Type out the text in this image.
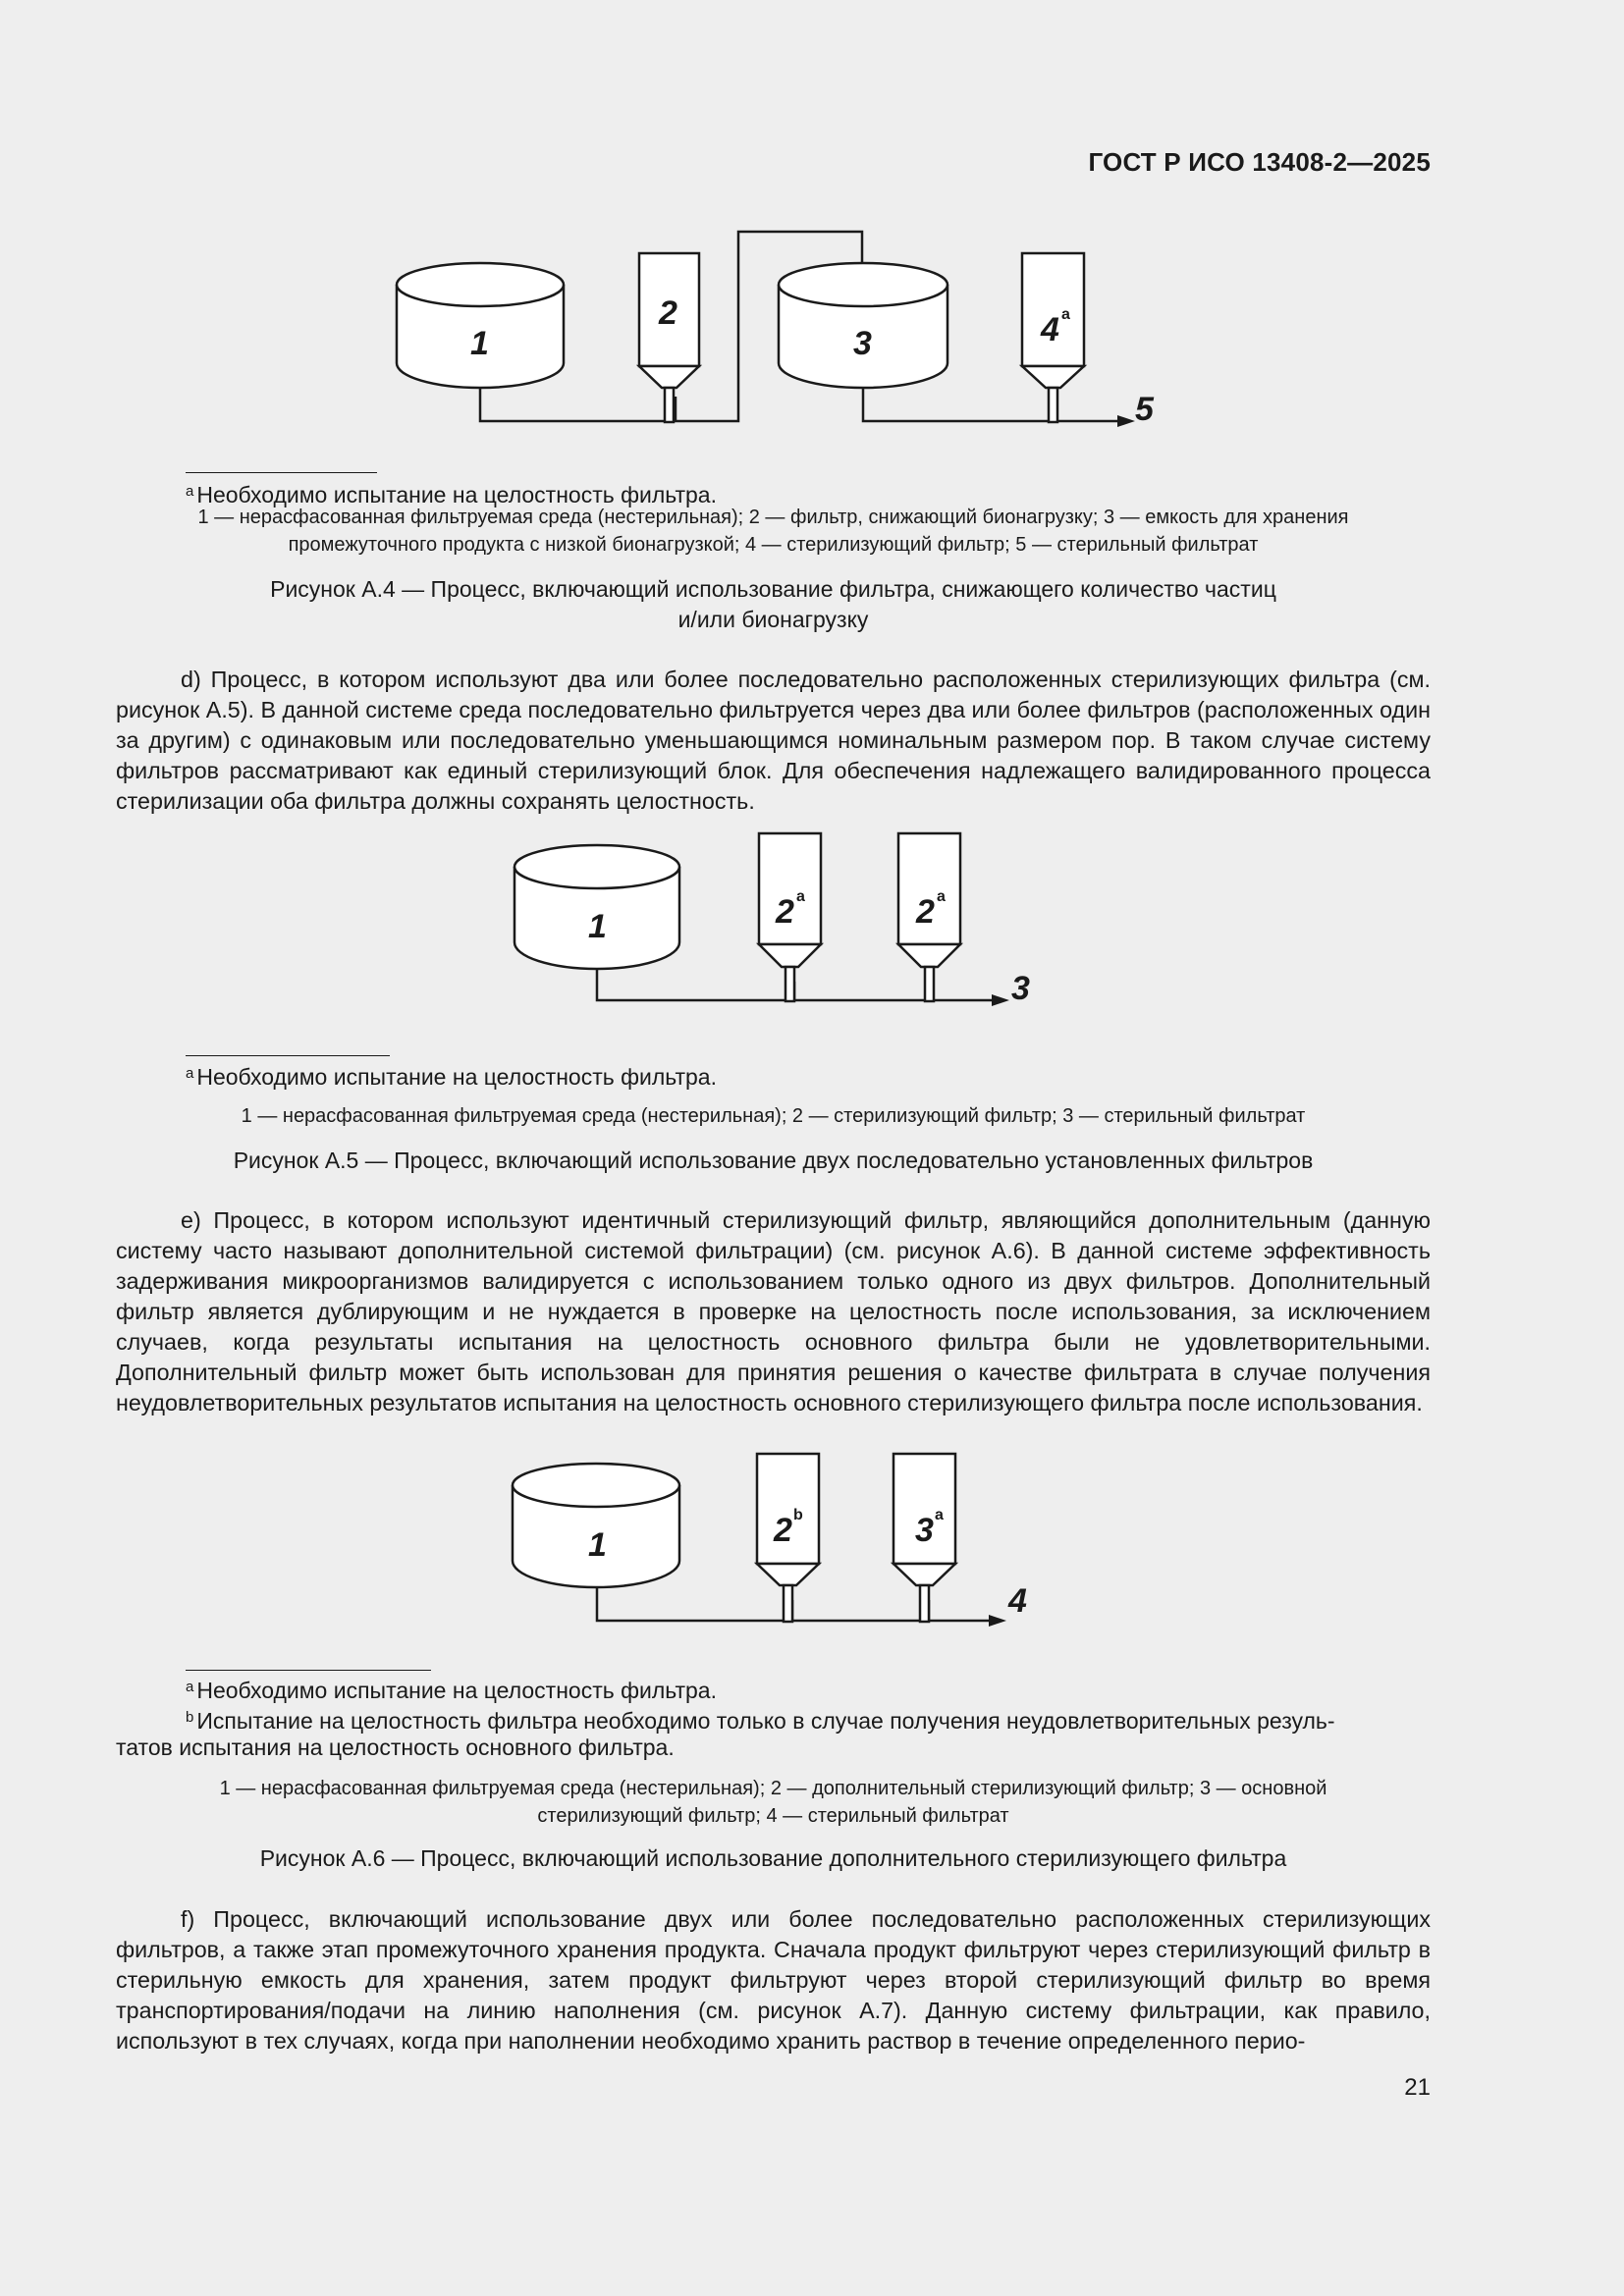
ГОСТ Р ИСО 13408-2—2025
1
2
3	4 a
5
$^a$ Необходимо испытание на целостность фильтра.
1 — нерасфасованная фильтруемая среда (нестерильная); 2 — фильтр, снижающий бионагрузку; 3 — емкость для хранения
промежуточного продукта с низкой бионагрузкой; 4 — стерилизующий фильтр; 5 — стерильный фильтрат
Рисунок А.4 — Процесс, включающий использование фильтра, снижающего количество частиц
и/или бионагрузку

d) Процесс, в котором используют два или более последовательно расположенных стерилизующих фильтра (см. рисунок А.5). В данной системе среда последовательно фильтруется через два или более фильтров (расположенных один за другим) с одинаковым или последовательно уменьшающимся номинальным размером пор. В таком случае систему фильтров рассматривают как единый стерилизующий блок. Для обеспечения надлежащего валидированного процесса стерилизации оба фильтра должны сохранять целостность.

1	2 a	2 a
3
$^a$ Необходимо испытание на целостность фильтра.
1 — нерасфасованная фильтруемая среда (нестерильная); 2 — стерилизующий фильтр; 3 — стерильный фильтрат
Рисунок А.5 — Процесс, включающий использование двух последовательно установленных фильтров

e) Процесс, в котором используют идентичный стерилизующий фильтр, являющийся дополнительным (данную систему часто называют дополнительной системой фильтрации) (см. рисунок А.6). В данной системе эффективность задерживания микроорганизмов валидируется с использованием только одного из двух фильтров. Дополнительный фильтр является дублирующим и не нуждается в проверке на целостность после использования, за исключением случаев, когда результаты испытания на целостность основного фильтра были не удовлетворительными. Дополнительный фильтр может быть использован для принятия решения о качестве фильтрата в случае получения неудовлетворительных результатов испытания на целостность основного стерилизующего фильтра после использования.

1	2 b	3 a
4
$^a$ Необходимо испытание на целостность фильтра.
$^b$ Испытание на целостность фильтра необходимо только в случае получения неудовлетворительных резуль-
татов испытания на целостность основного фильтра.
1 — нерасфасованная фильтруемая среда (нестерильная); 2 — дополнительный стерилизующий фильтр; 3 — основной
стерилизующий фильтр; 4 — стерильный фильтрат
Рисунок А.6 — Процесс, включающий использование дополнительного стерилизующего фильтра

f) Процесс, включающий использование двух или более последовательно расположенных стерилизующих фильтров, а также этап промежуточного хранения продукта. Сначала продукт фильтруют через стерилизующий фильтр в стерильную емкость для хранения, затем продукт фильтруют через второй стерилизующий фильтр во время транспортирования/подачи на линию наполнения (см. рисунок А.7). Данную систему фильтрации, как правило, используют в тех случаях, когда при наполнении необходимо хранить раствор в течение определенного перио-

21
